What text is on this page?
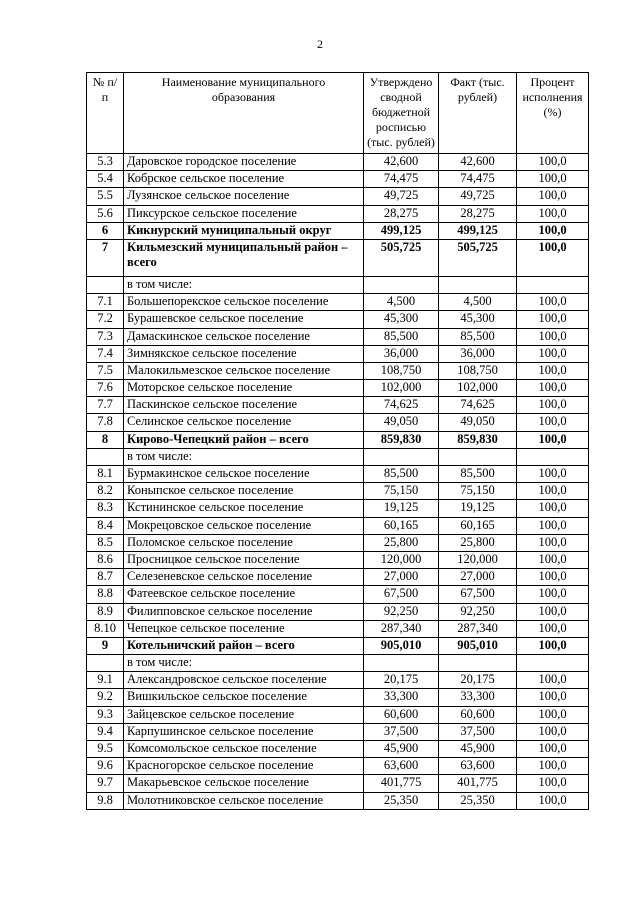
2
№ п/п	Наименование муниципального образования	Утверждено сводной бюджетной росписью (тыс. рублей)	Факт (тыс. рублей)	Процент исполнения (%)
5.3	Даровское городское поселение	42,600	42,600	100,0
5.4	Кобрское сельское поселение	74,475	74,475	100,0
5.5	Лузянское сельское поселение	49,725	49,725	100,0
5.6	Пиксурское сельское поселение	28,275	28,275	100,0
6	Кикнурский муниципальный округ	499,125	499,125	100,0
7	Кильмезский муниципальный район – всего	505,725	505,725	100,0
	в том числе:			
7.1	Большепорекское сельское поселение	4,500	4,500	100,0
7.2	Бурашевское сельское поселение	45,300	45,300	100,0
7.3	Дамаскинское сельское поселение	85,500	85,500	100,0
7.4	Зимнякское сельское поселение	36,000	36,000	100,0
7.5	Малокильмезское сельское поселение	108,750	108,750	100,0
7.6	Моторское сельское поселение	102,000	102,000	100,0
7.7	Паскинское сельское поселение	74,625	74,625	100,0
7.8	Селинское сельское поселение	49,050	49,050	100,0
8	Кирово-Чепецкий район – всего	859,830	859,830	100,0
	в том числе:			
8.1	Бурмакинское сельское поселение	85,500	85,500	100,0
8.2	Коныпское сельское поселение	75,150	75,150	100,0
8.3	Кстининское сельское поселение	19,125	19,125	100,0
8.4	Мокрецовское сельское поселение	60,165	60,165	100,0
8.5	Поломское сельское поселение	25,800	25,800	100,0
8.6	Просницкое сельское поселение	120,000	120,000	100,0
8.7	Селезеневское сельское поселение	27,000	27,000	100,0
8.8	Фатеевское сельское поселение	67,500	67,500	100,0
8.9	Филипповское сельское поселение	92,250	92,250	100,0
8.10	Чепецкое сельское поселение	287,340	287,340	100,0
9	Котельничский район – всего	905,010	905,010	100,0
	в том числе:			
9.1	Александровское сельское поселение	20,175	20,175	100,0
9.2	Вишкильское сельское поселение	33,300	33,300	100,0
9.3	Зайцевское сельское поселение	60,600	60,600	100,0
9.4	Карпушинское сельское поселение	37,500	37,500	100,0
9.5	Комсомольское сельское поселение	45,900	45,900	100,0
9.6	Красногорское сельское поселение	63,600	63,600	100,0
9.7	Макарьевское сельское поселение	401,775	401,775	100,0
9.8	Молотниковское сельское поселение	25,350	25,350	100,0
